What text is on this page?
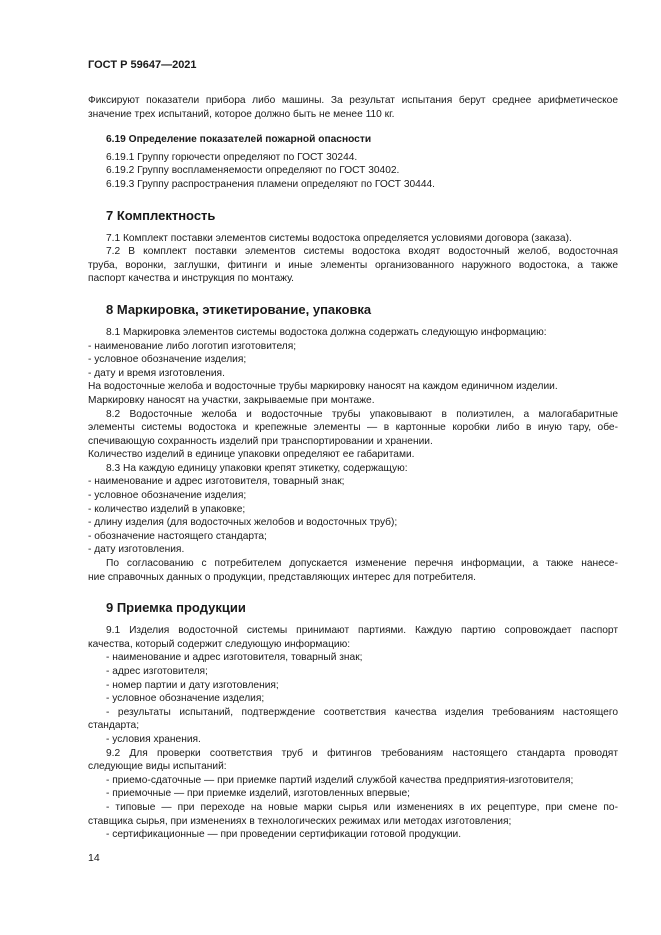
ГОСТ Р 59647—2021

Фиксируют показатели прибора либо машины. За результат испытания берут среднее арифметическое

значение трех испытаний, которое должно быть не менее 110 кг.

6.19 Определение показателей пожарной опасности

6.19.1 Группу горючести определяют по ГОСТ 30244.

6.19.2 Группу воспламеняемости определяют по ГОСТ 30402.

6.19.3 Группу распространения пламени определяют по ГОСТ 30444.

7 Комплектность

7.1 Комплект поставки элементов системы водостока определяется условиями договора (заказа).

7.2 В комплект поставки элементов системы водостока входят водосточный желоб, водосточная

труба, воронки, заглушки, фитинги и иные элементы организованного наружного водостока, а также

паспорт качества и инструкция по монтажу.

8 Маркировка, этикетирование, упаковка

8.1 Маркировка элементов системы водостока должна содержать следующую информацию:

- наименование либо логотип изготовителя;

- условное обозначение изделия;

- дату и время изготовления.

На водосточные желоба и водосточные трубы маркировку наносят на каждом единичном изделии.

Маркировку наносят на участки, закрываемые при монтаже.

8.2 Водосточные желоба и водосточные трубы упаковывают в полиэтилен, а малогабаритные

элементы системы водостока и крепежные элементы — в картонные коробки либо в иную тару, обе-

спечивающую сохранность изделий при транспортировании и хранении.

Количество изделий в единице упаковки определяют ее габаритами.

8.3 На каждую единицу упаковки крепят этикетку, содержащую:

- наименование и адрес изготовителя, товарный знак;

- условное обозначение изделия;

- количество изделий в упаковке;

- длину изделия (для водосточных желобов и водосточных труб);

- обозначение настоящего стандарта;

- дату изготовления.

По согласованию с потребителем допускается изменение перечня информации, а также нанесе-

ние справочных данных о продукции, представляющих интерес для потребителя.

9 Приемка продукции

9.1 Изделия водосточной системы принимают партиями. Каждую партию сопровождает паспорт

качества, который содержит следующую информацию:

- наименование и адрес изготовителя, товарный знак;

- адрес изготовителя;

- номер партии и дату изготовления;

- условное обозначение изделия;

- результаты испытаний, подтверждение соответствия качества изделия требованиям настоящего

стандарта;

- условия хранения.

9.2 Для проверки соответствия труб и фитингов требованиям настоящего стандарта проводят

следующие виды испытаний:

- приемо-сдаточные — при приемке партий изделий службой качества предприятия-изготовителя;

- приемочные — при приемке изделий, изготовленных впервые;

- типовые — при переходе на новые марки сырья или изменениях в их рецептуре, при смене по-

ставщика сырья, при изменениях в технологических режимах или методах изготовления;

- сертификационные — при проведении сертификации готовой продукции.

14
